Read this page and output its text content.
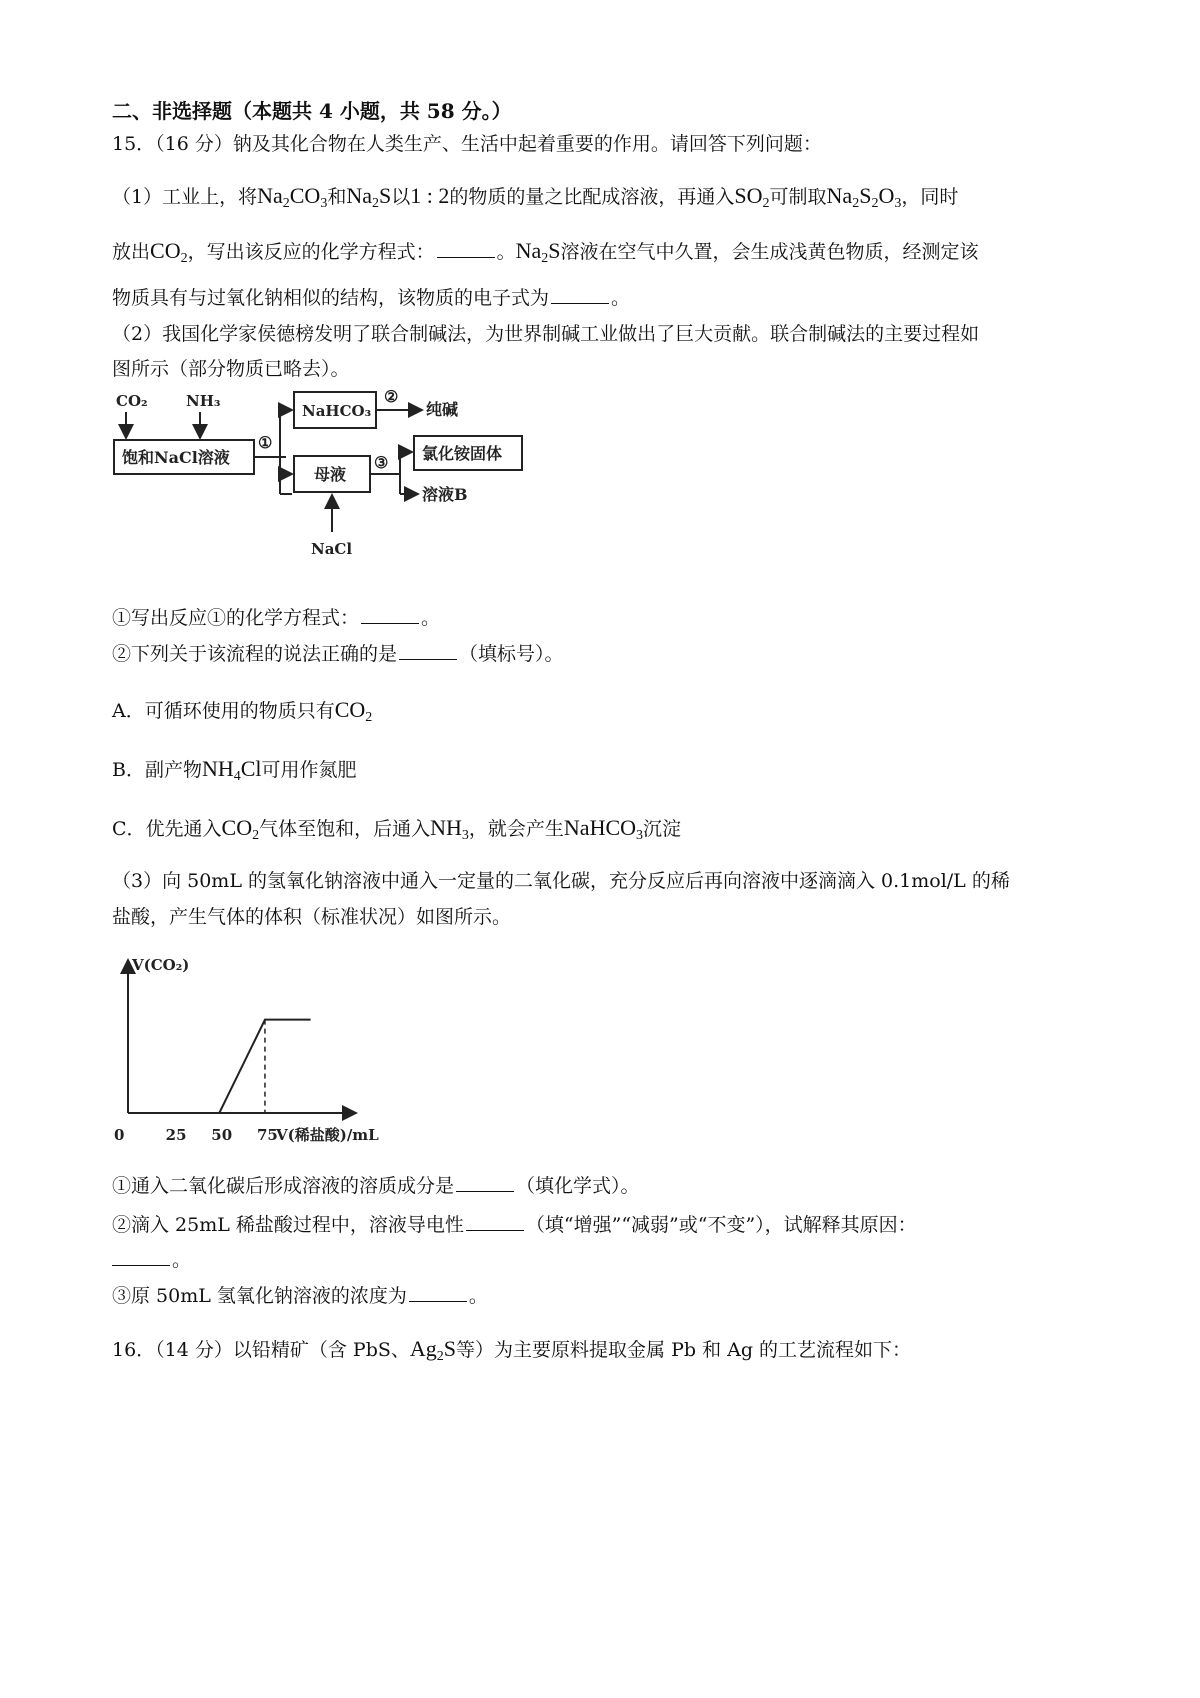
二、非选择题（本题共 4 小题，共 58 分。）
15．（16 分）钠及其化合物在人类生产、生活中起着重要的作用。请回答下列问题：
（1）工业上，将$Na_2CO_3$和$Na_2S$以1 : 2的物质的量之比配成溶液，再通入$SO_2$可制取$Na_2S_2O_3$，同时
放出$CO_2$，写出该反应的化学方程式：	。$Na_2S$溶液在空气中久置，会生成浅黄色物质，经测定该
物质具有与过氧化钠相似的结构，该物质的电子式为	。
（2）我国化学家侯德榜发明了联合制碱法，为世界制碱工业做出了巨大贡献。联合制碱法的主要过程如
图所示（部分物质已略去）。
CO₂	NH₃
饱和NaCl溶液
①
NaHCO₃
②
纯碱
母液
NaCl
③ 氯化铵固体
溶液B
①写出反应①的化学方程式：	。
②下列关于该流程的说法正确的是	（填标号）。
A．可循环使用的物质只有$CO_2$
B．副产物$NH_4Cl$可用作氮肥
C．优先通入$CO_2$气体至饱和，后通入$NH_3$，就会产生NaHCO$_3$沉淀
（3）向 50mL 的氢氧化钠溶液中通入一定量的二氧化碳，充分反应后再向溶液中逐滴滴入 0.1mol/L 的稀
盐酸，产生气体的体积（标准状况）如图所示。
V(CO₂)
V(稀盐酸)/mL
0	25 50 75
①通入二氧化碳后形成溶液的溶质成分是	（填化学式）。
②滴入 25mL 稀盐酸过程中，溶液导电性	（填“增强”“减弱”或“不变”），试解释其原因：
。
③原 50mL 氢氧化钠溶液的浓度为	。
16．（14 分）以铅精矿（含 PbS、$Ag_2S$等）为主要原料提取金属 Pb 和 Ag 的工艺流程如下：
